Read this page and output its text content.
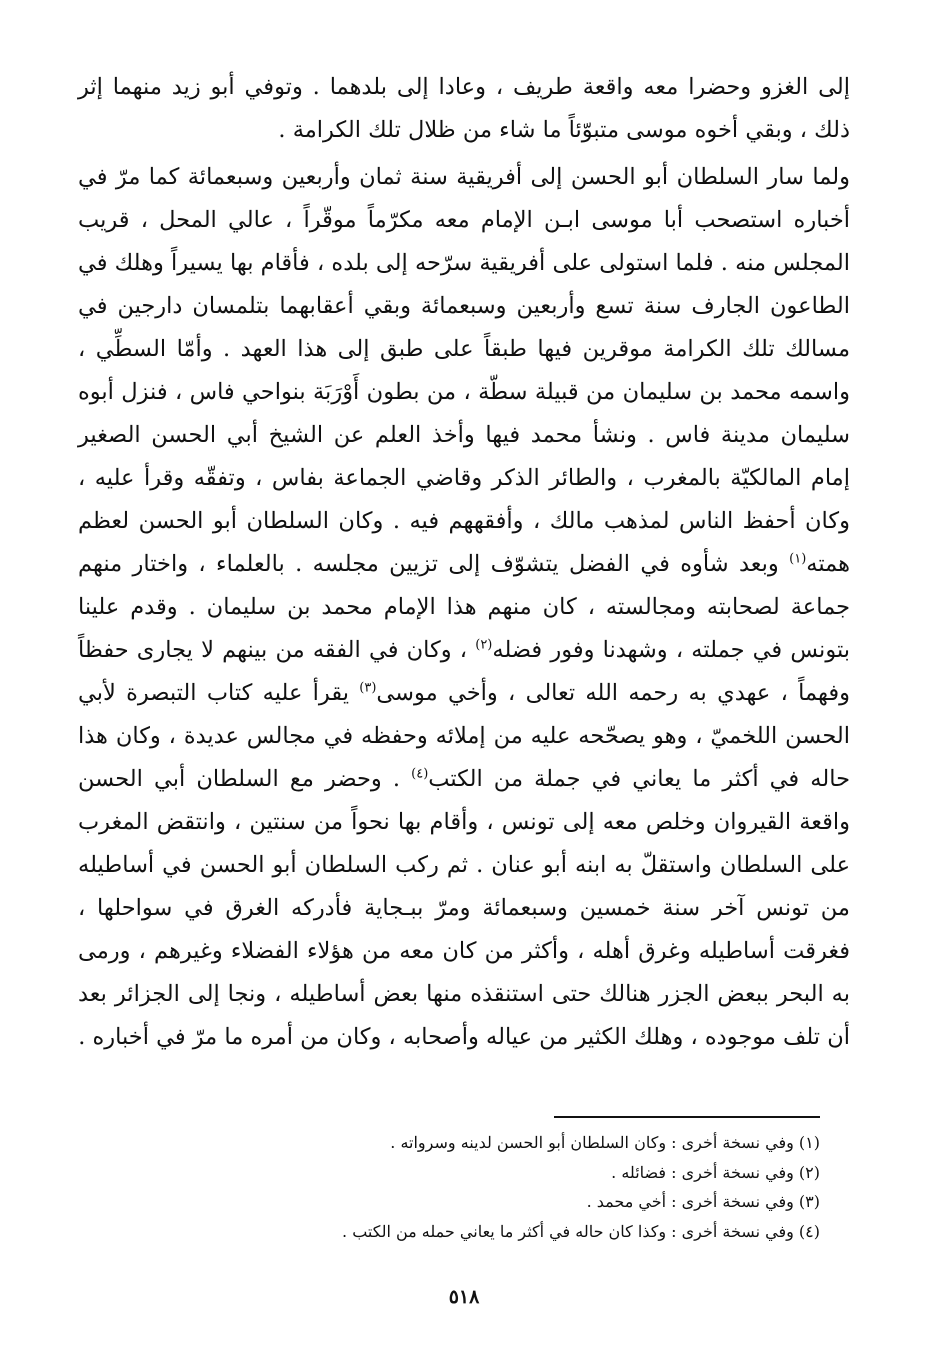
إلى الغزو وحضرا معه واقعة طريف ، وعادا إلى بلدهما . وتوفي أبو زيد منهما إثر ذلك ، وبقي أخوه موسى متبوّئاً ما شاء من ظلال تلك الكرامة .

ولما سار السلطان أبو الحسن إلى أفريقية سنة ثمان وأربعين وسبعمائة كما مرّ في أخباره استصحب أبا موسى ابـن الإمام معه مكرّماً موقّراً ، عالي المحل ، قريب المجلس منه . فلما استولى على أفريقية سرّحه إلى بلده ، فأقام بها يسيراً وهلك في الطاعون الجارف سنة تسع وأربعين وسبعمائة وبقي أعقابهما بتلمسان دارجين في مسالك تلك الكرامة موقرين فيها طبقاً على طبق إلى هذا العهد . وأمّا السطِّي ، واسمه محمد بن سليمان من قبيلة سطّة ، من بطون أَوْرَبَة بنواحي فاس ، فنزل أبوه سليمان مدينة فاس . ونشأ محمد فيها وأخذ العلم عن الشيخ أبي الحسن الصغير إمام المالكيّة بالمغرب ، والطائر الذكر وقاضي الجماعة بفاس ، وتفقّه وقرأ عليه ، وكان أحفظ الناس لمذهب مالك ، وأفقههم فيه . وكان السلطان أبو الحسن لعظم همته$^{(١)}$ وبعد شأوه في الفضل يتشوّف إلى تزيين مجلسه . بالعلماء ، واختار منهم جماعة لصحابته ومجالسته ، كان منهم هذا الإمام محمد بن سليمان . وقدم علينا بتونس في جملته ، وشهدنا وفور فضله$^{(٢)}$ ، وكان في الفقه من بينهم لا يجارى حفظاً وفهماً ، عهدي به رحمه الله تعالى ، وأخي موسى$^{(٣)}$ يقرأ عليه كتاب التبصرة لأبي الحسن اللخميّ ، وهو يصحّحه عليه من إملائه وحفظه في مجالس عديدة ، وكان هذا حاله في أكثر ما يعاني في جملة من الكتب$^{(٤)}$ . وحضر مع السلطان أبي الحسن واقعة القيروان وخلص معه إلى تونس ، وأقام بها نحواً من سنتين ، وانتقض المغرب على السلطان واستقلّ به ابنه أبو عنان . ثم ركب السلطان أبو الحسن في أساطيله من تونس آخر سنة خمسين وسبعمائة ومرّ ببـجاية فأدركه الغرق في سواحلها ، فغرقت أساطيله وغرق أهله ، وأكثر من كان معه من هؤلاء الفضلاء وغيرهم ، ورمى به البحر ببعض الجزر هنالك حتى استنقذه منها بعض أساطيله ، ونجا إلى الجزائر بعد أن تلف موجوده ، وهلك الكثير من عياله وأصحابه ، وكان من أمره ما مرّ في أخباره .

(١) وفي نسخة أخرى : وكان السلطان أبو الحسن لدينه وسرواته .
(٢) وفي نسخة أخرى : فضائله .
(٣) وفي نسخة أخرى : أخي محمد .
(٤) وفي نسخة أخرى : وكذا كان حاله في أكثر ما يعاني حمله من الكتب .
٥١٨
